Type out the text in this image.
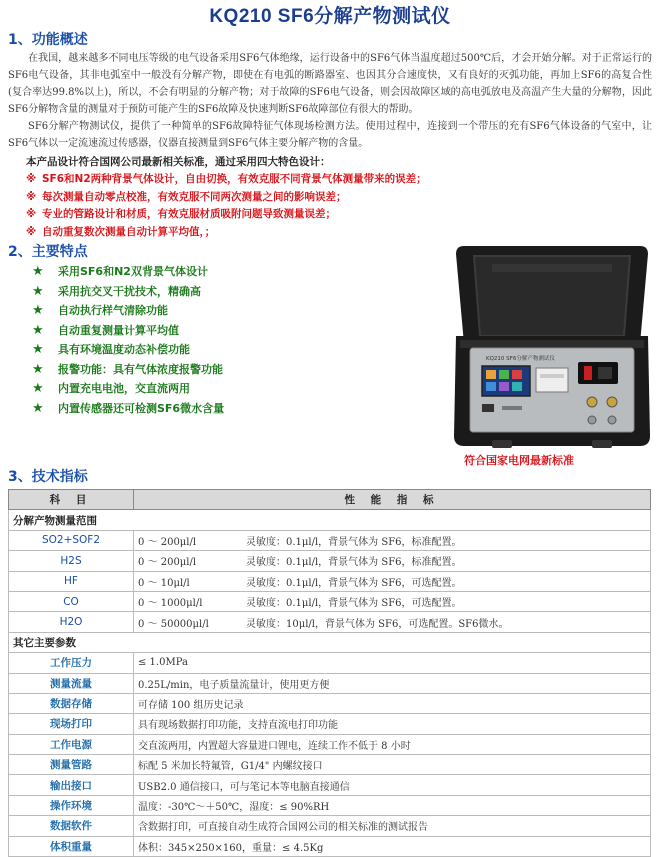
KQ210 SF6分解产物测试仪
1、功能概述
在我国，越来越多不同电压等级的电气设备采用SF6气体绝缘，运行设备中的SF6气体当温度超过500℃后，才会开始分解。对于正常运行的SF6电气设备，其非电弧室中一般没有分解产物，即使在有电弧的断路器室、也因其分合速度快，又有良好的灭弧功能，再加上SF6的高复合性(复合率达99.8%以上)，所以，不会有明显的分解产物；对于故障的SF6电气设备，则会因故障区域的高电弧放电及高温产生大量的分解物，因此SF6分解物含量的测量对于预防可能产生的SF6故障及快速判断SF6故障部位有很大的帮助。
SF6分解产物测试仪，提供了一种简单的SF6故障特征气体现场检测方法。使用过程中，连接到一个带压的充有SF6气体设备的气室中，让SF6气体以一定流速流过传感器，仪器直接测量到SF6气体主要分解产物的含量。
本产品设计符合国网公司最新相关标准，通过采用四大特色设计：
※ SF6和N2两种背景气体设计，自由切换，有效克服不同背景气体测量带来的误差；
※ 每次测量自动零点校准，有效克服不同两次测量之间的影响误差；
※ 专业的管路设计和材质，有效克服材质吸附问题导致测量误差；
※ 自动重复数次测量自动计算平均值，；
2、主要特点
★ 采用SF6和N2双背景气体设计
★ 采用抗交叉干扰技术，精确高
★ 自动执行样气清除功能
★ 自动重复测量计算平均值
★ 具有环境温度动态补偿功能
★ 报警功能：具有气体浓度报警功能
★ 内置充电电池，交直流两用
★ 内置传感器还可检测SF6微水含量
KQ210 SF6分解产物测试仪
符合国家电网最新标准
3、技术指标
科 目	性 能 指 标
分解产物测量范围	
SO2+SOF2	0 ～ 200μl/l 灵敏度：0.1μl/l，背景气体为 SF6，标准配置。
H2S	0 ～ 200μl/l 灵敏度：0.1μl/l，背景气体为 SF6，标准配置。
HF	0 ～ 10μl/l 灵敏度：0.1μl/l，背景气体为 SF6，可选配置。
CO	0 ～ 1000μl/l 灵敏度：0.1μl/l，背景气体为 SF6，可选配置。
H2O	0 ～ 50000μl/l 灵敏度：10μl/l，背景气体为 SF6，可选配置。SF6微水。
其它主要参数	
工作压力	≤ 1.0MPa
测量流量	0.25L/min，电子质量流量计，使用更方便
数据存储	可存储 100 组历史记录
现场打印	具有现场数据打印功能，支持直流电打印功能
工作电源	交直流两用，内置超大容量进口锂电，连续工作不低于 8 小时
测量管路	标配 5 米加长特氟管，G1/4" 内螺纹接口
输出接口	USB2.0 通信接口，可与笔记本等电脑直接通信
操作环境	温度：-30℃～＋50℃，湿度：≤ 90%RH
数据软件	含数据打印，可直接自动生成符合国网公司的相关标准的测试报告
体积重量	体积：345×250×160，重量：≤ 4.5Kg
